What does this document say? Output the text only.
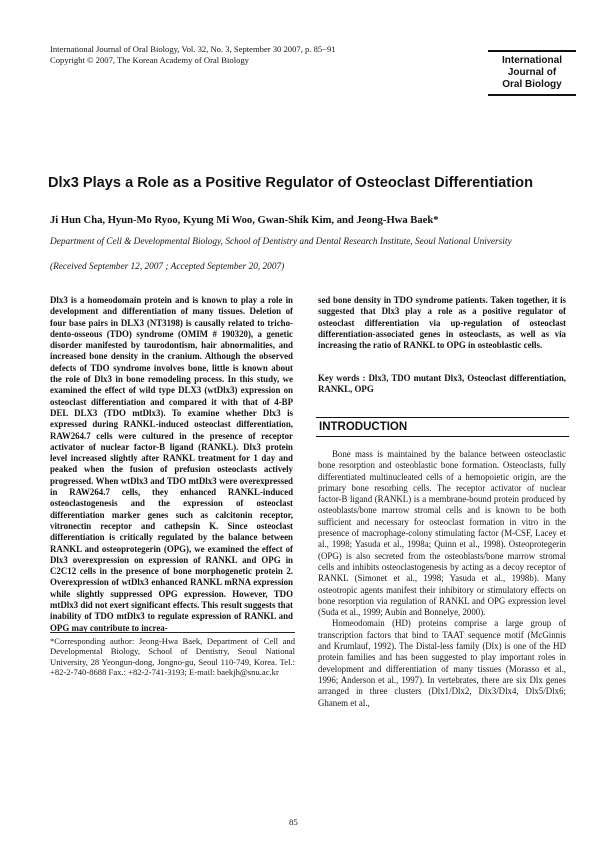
International Journal of Oral Biology, Vol. 32, No. 3, September 30 2007, p. 85−91
Copyright © 2007, The Korean Academy of Oral Biology	International
Journal of
Oral Biology
Dlx3 Plays a Role as a Positive Regulator of Osteoclast Differentiation
Ji Hun Cha, Hyun-Mo Ryoo, Kyung Mi Woo, Gwan-Shik Kim, and Jeong-Hwa Baek*
Department of Cell & Developmental Biology, School of Dentistry and Dental Research Institute, Seoul National University
(Received September 12, 2007 ; Accepted September 20, 2007)
Dlx3 is a homeodomain protein and is known to play a role in development and differentiation of many tissues. Deletion of four base pairs in DLX3 (NT3198) is causally related to tricho-dento-osseous (TDO) syndrome (OMIM # 190320), a genetic disorder manifested by taurodontism, hair abnormalities, and increased bone density in the cranium. Although the observed defects of TDO syndrome involves bone, little is known about the role of Dlx3 in bone remodeling process. In this study, we examined the effect of wild type DLX3 (wtDlx3) expression on osteoclast differentiation and compared it with that of 4-BP DEL DLX3 (TDO mtDlx3). To examine whether Dlx3 is expressed during RANKL-induced osteoclast differentiation, RAW264.7 cells were cultured in the presence of receptor activator of nuclear factor-B ligand (RANKL). Dlx3 protein level increased slightly after RANKL treatment for 1 day and peaked when the fusion of prefusion osteoclasts actively progressed. When wtDlx3 and TDO mtDlx3 were overexpressed in RAW264.7 cells, they enhanced RANKL-induced osteoclastogenesis and the expression of osteoclast differentiation marker genes such as calcitonin receptor, vitronectin receptor and cathepsin K. Since osteoclast differentiation is critically regulated by the balance between RANKL and osteoprotegerin (OPG), we examined the effect of Dlx3 overexpression on expression of RANKL and OPG in C2C12 cells in the presence of bone morphogenetic protein 2. Overexpression of wtDlx3 enhanced RANKL mRNA expression while slightly suppressed OPG expression. However, TDO mtDlx3 did not exert significant effects. This result suggests that inability of TDO mtDlx3 to regulate expression of RANKL and OPG may contribute to increa-
sed bone density in TDO syndrome patients. Taken together, it is suggested that Dlx3 play a role as a positive regulator of osteoclast differentiation via up-regulation of osteoclast differentiation-associated genes in osteoclasts, as well as via increasing the ratio of RANKL to OPG in osteoblastic cells.
Key words : Dlx3, TDO mutant Dlx3, Osteoclast differentiation, RANKL, OPG
INTRODUCTION

Bone mass is maintained by the balance between osteoclastic bone resorption and osteoblastic bone formation. Osteoclasts, fully differentiated multinucleated cells of a hemopoietic origin, are the primary bone resorbing cells. The receptor activator of nuclear factor-B ligand (RANKL) is a membrane-bound protein produced by osteoblasts/bone marrow stromal cells and is known to be both sufficient and necessary for osteoclast formation in vitro in the presence of macrophage-colony stimulating factor (M-CSF, Lacey et al., 1998; Yasuda et al., 1998a; Quinn et al., 1998). Osteoprotegerin (OPG) is also secreted from the osteoblasts/bone marrow stromal cells and inhibits osteoclastogenesis by acting as a decoy receptor of RANKL (Simonet et al., 1998; Yasuda et al., 1998b). Many osteotropic agents manifest their inhibitory or stimulatory effects on bone resorption via regulation of RANKL and OPG expression level (Suda et al., 1999; Aubin and Bonnelye, 2000).

Homeodomain (HD) proteins comprise a large group of transcription factors that bind to TAAT sequence motif (McGinnis and Krumlauf, 1992). The Distal-less family (Dlx) is one of the HD protein families and has been suggested to play important roles in development and differentiation of many tissues (Morasso et al., 1996; Anderson et al., 1997). In vertebrates, there are six Dlx genes arranged in three clusters (Dlx1/Dlx2, Dlx3/Dlx4, Dlx5/Dlx6; Ghanem et al.,

*Corresponding author: Jeong-Hwa Baek, Department of Cell and Developmental Biology, School of Dentistry, Seoul National University, 28 Yeongun-dong, Jongno-gu, Seoul 110-749, Korea. Tel.: +82-2-740-8688 Fax.: +82-2-741-3193; E-mail: baekjh@snu.ac.kr
85
